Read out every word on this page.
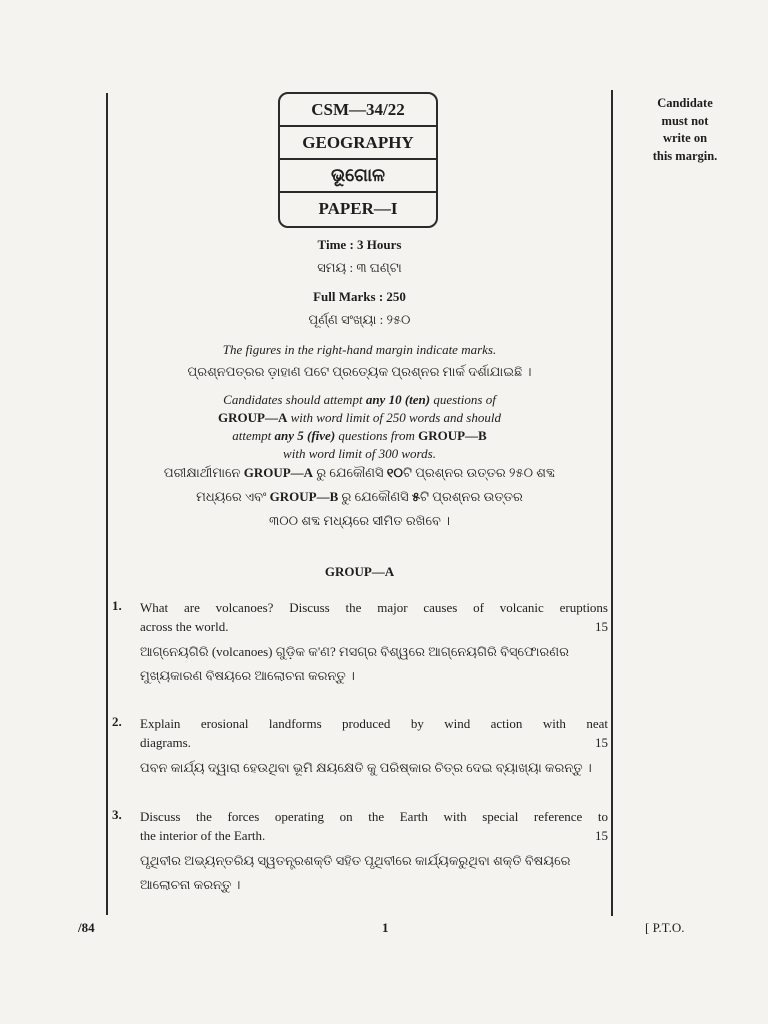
Candidate
must not
write on
this margin.
CSM—34/22
GEOGRAPHY
ଭୂଗୋଳ
PAPER—I
Time : 3 Hours
ସମୟ : ୩ ଘଣ୍ଟା
Full Marks : 250
ପୂର୍ଣ୍ଣ ସଂଖ୍ୟା : ୨୫୦
The figures in the right-hand margin indicate marks.
ପ୍ରଶ୍ନପତ୍ରର ଡ଼ାହାଣ ପଟେ ପ୍ରତ୍ୟେକ ପ୍ରଶ୍ନର ମାର୍କ ଦର୍ଶାଯାଇଛି ।
Candidates should attempt any 10 (ten) questions of
GROUP—A with word limit of 250 words and should
attempt any 5 (five) questions from GROUP—B
with word limit of 300 words.
ପରୀକ୍ଷାର୍ଥୀମାନେ GROUP—A ରୁ ଯେକୌଣସି ୧୦ଟି ପ୍ରଶ୍ନର ଉତ୍ତର ୨୫୦ ଶବ୍ଦ
ମଧ୍ୟରେ ଏବଂ GROUP—B ରୁ ଯେକୌଣସି ୫ଟି ପ୍ରଶ୍ନର ଉତ୍ତର
୩୦୦ ଶବ୍ଦ ମଧ୍ୟରେ ସୀମିତ ରଖିବେ ।
GROUP—A
1. What are volcanoes? Discuss the major causes of volcanic eruptions
across the world.	15
ଆଗ୍ନେୟଗିରି (volcanoes) ଗୁଡ଼ିକ କ'ଣ? ମସଗ୍ର ବିଶ୍ୱରେ ଆଗ୍ନେୟଗିରି ବିସ୍ଫୋରଣର ମୁଖ୍ୟକାରଣ ବିଷୟରେ ଆଲୋଚନା କରନ୍ତୁ ।
2. Explain erosional landforms produced by wind action with neat
diagrams.	15
ପବନ କାର୍ଯ୍ୟ ଦ୍ୱାରା ହେଉଥିବା ଭୂମି କ୍ଷୟକ୍ଷେତି କୁ ପରିଷ୍କାର ଚିତ୍ର ଦେଇ ବ୍ୟାଖ୍ୟା କରନ୍ତୁ ।
3. Discuss the forces operating on the Earth with special reference to
the interior of the Earth.	15
ପୃଥିବୀର ଅଭ୍ୟନ୍ତରିୟ ସ୍ୱତନ୍ତ୍ରଶକ୍ତି ସହିତ ପୃଥିବୀରେ କାର୍ଯ୍ୟକରୁଥିବା ଶକ୍ତି ବିଷୟରେ ଆଲୋଚନା କରନ୍ତୁ ।
/84	1	[ P.T.O.
